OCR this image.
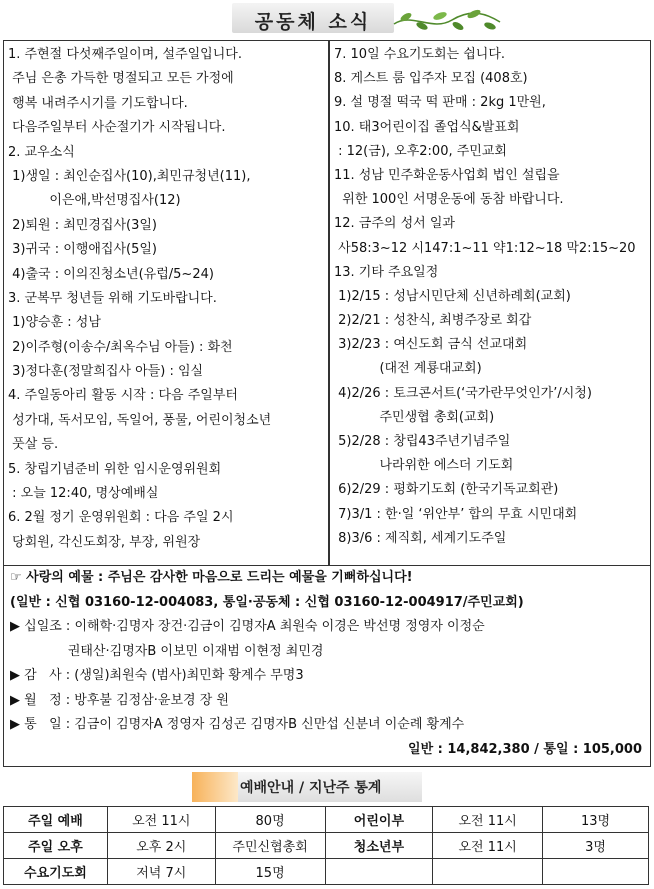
공동체 소식
1. 주현절 다섯째주일이며, 설주일입니다.
주님 은총 가득한 명절되고 모든 가정에
행복 내려주시기를 기도합니다.
다음주일부터 사순절기가 시작됩니다.
2. 교우소식
1)생일 : 최인순집사(10),최민규청년(11),
이은애,박선명집사(12)
2)퇴원 : 최민경집사(3일)
3)귀국 : 이행애집사(5일)
4)출국 : 이의진청소년(유럽/5~24)
3. 군복무 청년들 위해 기도바랍니다.
1)양승훈 : 성남
2)이주형(이송수/최옥수님 아들) : 화천
3)정다훈(정말희집사 아들) : 임실
4. 주일동아리 활동 시작 : 다음 주일부터
성가대, 독서모임, 독일어, 풍물, 어린이청소년
풋살 등.
5. 창립기념준비 위한 임시운영위원회
: 오늘 12:40, 명상예배실
6. 2월 정기 운영위원회 : 다음 주일 2시
당회원, 각신도회장, 부장, 위원장
7. 10일 수요기도회는 쉽니다.
8. 게스트 룸 입주자 모집 (408호)
9. 설 명절 떡국 떡 판매 : 2kg 1만원,
10. 태3어린이집 졸업식&발표회
: 12(금), 오후2:00, 주민교회
11. 성남 민주화운동사업회 법인 설립을
위한 100인 서명운동에 동참 바랍니다.
12. 금주의 성서 일과
사58:3~12 시147:1~11 약1:12~18 막2:15~20
13. 기타 주요일정
1)2/15 : 성남시민단체 신년하례회(교회)
2)2/21 : 성찬식, 최병주장로 회갑
3)2/23 : 여신도회 금식 선교대회
(대전 계룡대교회)
4)2/26 : 토크콘서트(‘국가란무엇인가’/시청)
주민생협 총회(교회)
5)2/28 : 창립43주년기념주일
나라위한 에스더 기도회
6)2/29 : 평화기도회 (한국기독교회관)
7)3/1 : 한·일 ‘위안부’ 합의 무효 시민대회
8)3/6 : 제직회, 세계기도주일
☞ 사랑의 예물 : 주님은 감사한 마음으로 드리는 예물을 기뻐하십니다!
(일반 : 신협 03160-12-004083, 통일·공동체 : 신협 03160-12-004917/주민교회)
▶ 십일조 : 이해학·김명자 장건·김금이 김명자A 최원숙 이경은 박선명 정영자 이정순
권태산·김명자B 이보민 이재범 이현정 최민경
▶ 감   사 : (생일)최원숙 (범사)최민화 황계수 무명3
▶ 월   정 : 방후불 김정삼·윤보경 장 원
▶ 통   일 : 김금이 김명자A 정영자 김성곤 김명자B 신만섭 신분녀 이순례 황계수
일반 : 14,842,380 / 통일 : 105,000
예배안내 / 지난주 통계
주일 예배	오전 11시	80명	어린이부	오전 11시	13명
주일 오후	오후 2시	주민신협총회	청소년부	오전 11시	3명
수요기도회	저녁 7시	15명			
